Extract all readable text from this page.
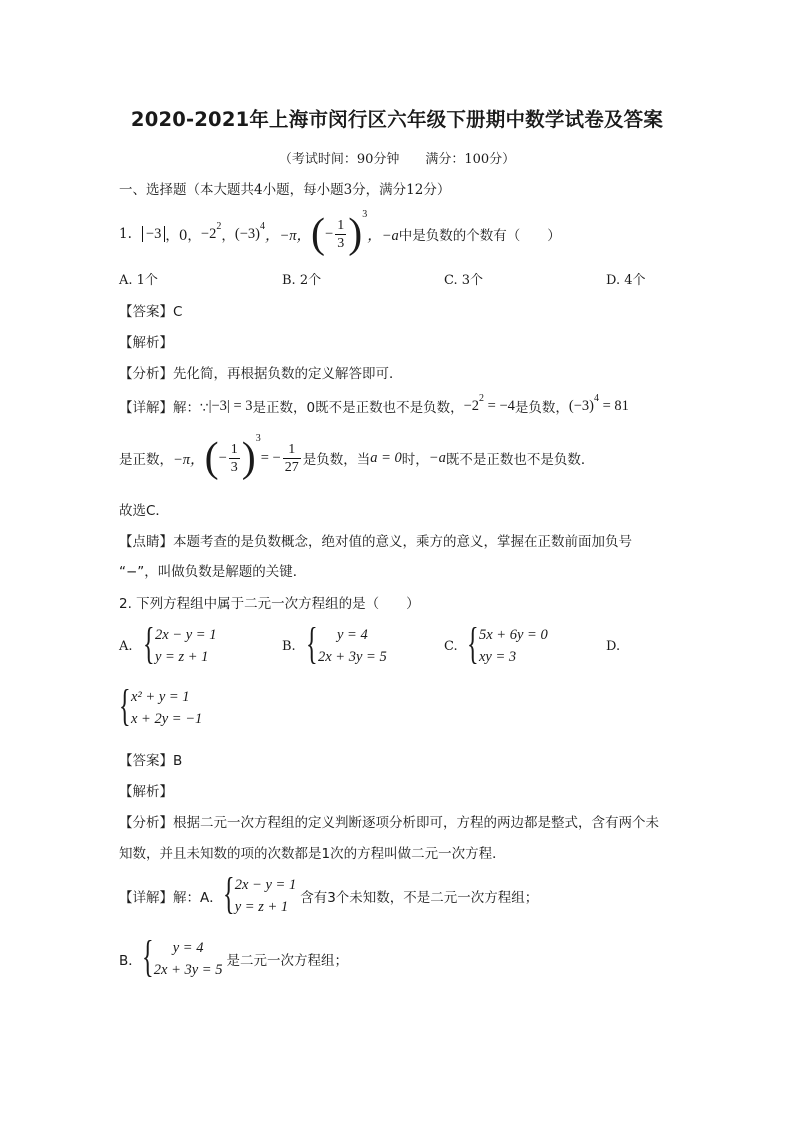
2020-2021年上海市闵行区六年级下册期中数学试卷及答案
（考试时间：90分钟　　满分：100分）
一、选择题（本大题共4小题，每小题3分，满分12分）
1. −3 ，0， $-2^2$
， $(-3)^4$
，−π， ( − $\frac{1}{3}$ ) 3
，−a 中是负数的个数有（　　）
A. 1个	B. 2个	C. 3个	D. 4个
【答案】C
【解析】
【分析】先化简，再根据负数的定义解答即可．
【详解】解：∵ |−3| = 3 是正数，0既不是正数也不是负数， $-2^2 = -4$ 是负数， $(-3)^4 = 81$
是正数， −π， ( − $\frac{1}{3}$ ) 3
= − $\frac{1}{27}$ 是负数，当 a = 0 时， −a 既不是正数也不是负数．
故选C．
【点睛】本题考查的是负数概念，绝对值的意义，乘方的意义，掌握在正数前面加负号
“−”，叫做负数是解题的关键．
2. 下列方程组中属于二元一次方程组的是（　　）
A. { 2x − y = 1
y = z + 1
B. {	y = 4
2x + 3y = 5
C. { 5x + 6y = 0
xy = 3
D.
{ x² + y = 1
x + 2y = −1
【答案】B
【解析】
【分析】根据二元一次方程组的定义判断逐项分析即可，方程的两边都是整式，含有两个未
知数，并且未知数的项的次数都是1次的方程叫做二元一次方程．
【详解】解：A． { 2x − y = 1
y = z + 1
含有3个未知数，不是二元一次方程组；
B． {	y = 4
2x + 3y = 5
是二元一次方程组；
